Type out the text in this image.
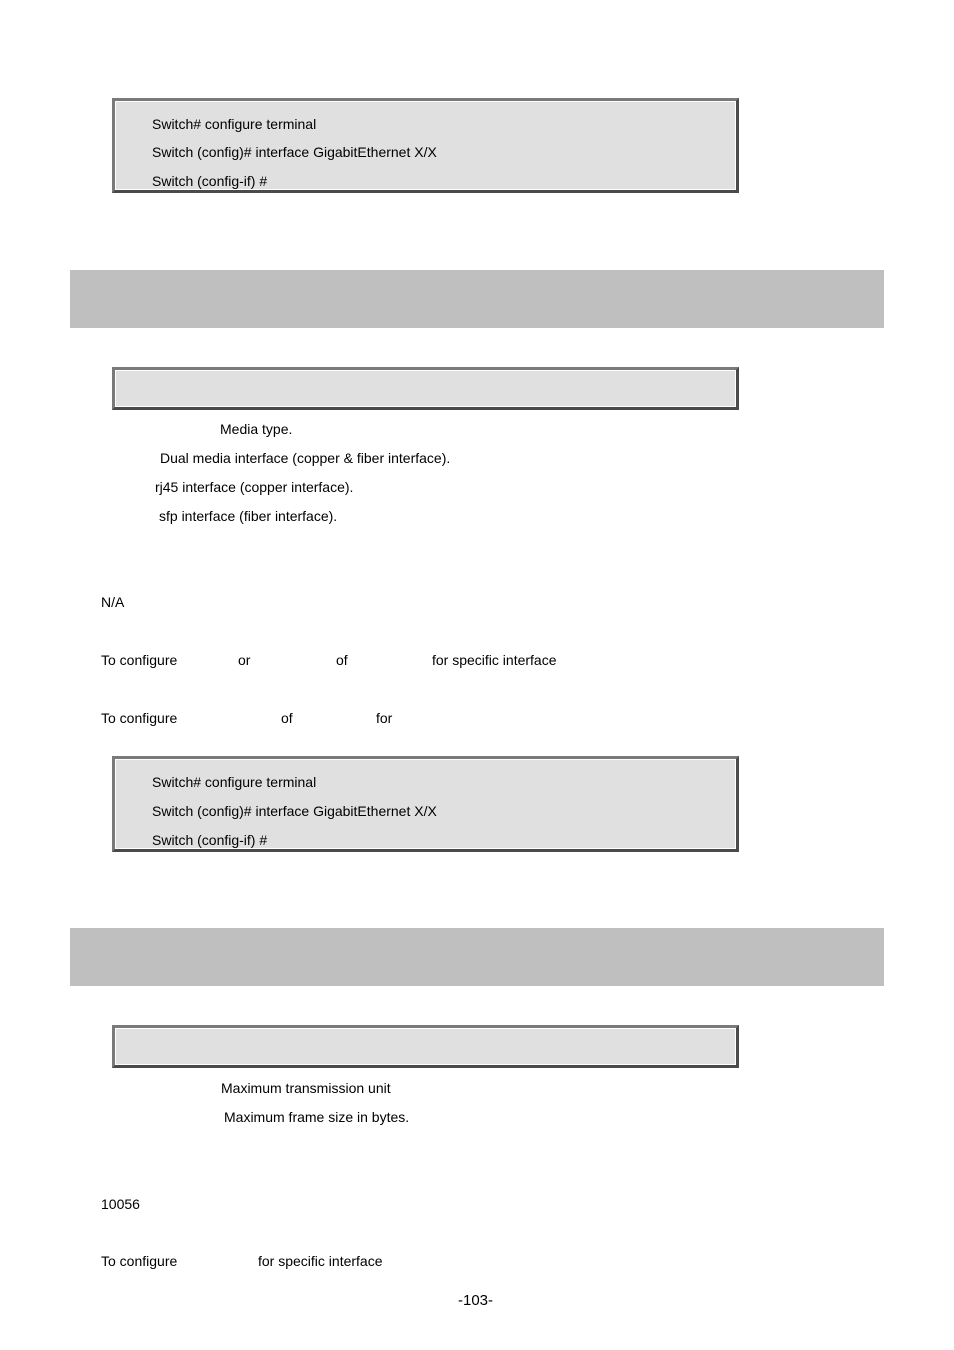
Switch# configure terminal
Switch (config)# interface GigabitEthernet X/X
Switch (config-if) #
Media type.
Dual media interface (copper & fiber interface).
rj45 interface (copper interface).
sfp interface (fiber interface).
N/A
To configure	or	of	for specific interface
To configure	of	for
Switch# configure terminal
Switch (config)# interface GigabitEthernet X/X
Switch (config-if) #
Maximum transmission unit
Maximum frame size in bytes.
10056
To configure	for specific interface
-103-
